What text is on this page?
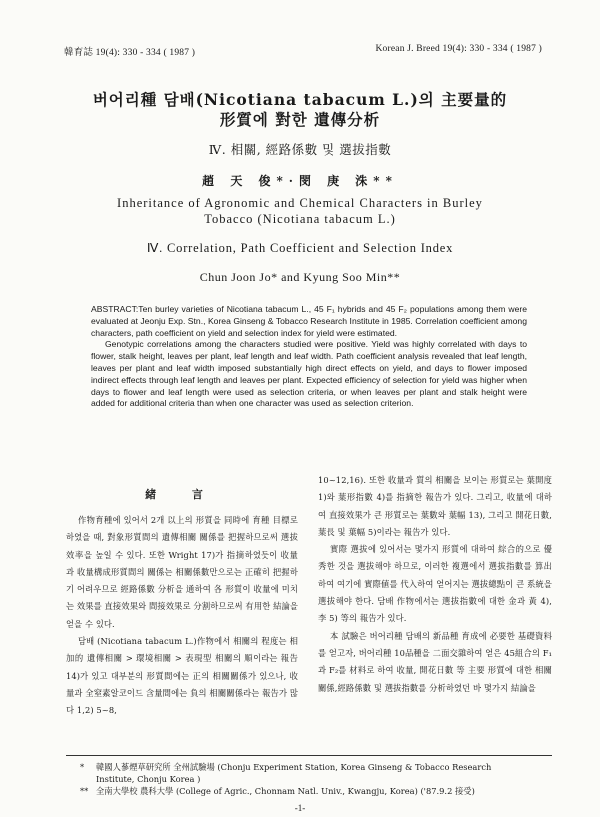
韓育誌 19(4): 330 - 334 ( 1987 )	Korean J. Breed 19(4): 330 - 334 ( 1987 )
버어리種 담배(Nicotiana tabacum L.)의 主要量的
形質에 對한 遺傳分析
Ⅳ. 相關, 經路係數 및 選拔指數
趙 天 俊*·閔 庚 洙**
Inheritance of Agronomic and Chemical Characters in Burley
Tobacco (Nicotiana tabacum L.)
Ⅳ. Correlation, Path Coefficient and Selection Index
Chun Joon Jo* and Kyung Soo Min**

ABSTRACT:Ten burley varieties of Nicotiana tabacum L., 45 F₁ hybrids and 45 F₂ populations among them were evaluated at Jeonju Exp. Stn., Korea Ginseng & Tobacco Research Institute in 1985. Correlation coefficient among characters, path coefficient on yield and selection index for yield were estimated.

Genotypic correlations among the characters studied were positive. Yield was highly correlated with days to flower, stalk height, leaves per plant, leaf length and leaf width. Path coefficient analysis revealed that leaf length, leaves per plant and leaf width imposed substantially high direct effects on yield, and days to flower imposed indirect effects through leaf length and leaves per plant. Expected efficiency of selection for yield was higher when days to flower and leaf length were used as selection criteria, or when leaves per plant and stalk height were added for additional criteria than when one character was used as selection criterion.

緒 言

作物育種에 있어서 2개 以上의 形質을 同時에 育種 目標로 하였을 때, 對象形質間의 遺傳相關 關係를 把握하므로써 選拔效率을 높일 수 있다. 또한 Wright 17)가 指摘하였듯이 收量과 收量構成形質間의 關係는 相關係數만으로는 正確히 把握하기 어려우므로 經路係數 分析을 通하여 各 形質이 收量에 미치는 效果를 直接效果와 間接效果로 分割하므로써 有用한 結論을 얻을 수 있다.

담배 (Nicotiana tabacum L.)作物에서 相關의 程度는 相加的 遺傳相關 > 環境相關 > 表現型 相關의 順이라는 報告 14)가 있고 대부분의 形質間에는 正의 相關關係가 있으나, 收量과 全窒素알코이드 含量間에는 負의 相關關係라는 報告가 많다 1,2) 5~8,

10~12,16). 또한 收量과 質의 相關을 보이는 形質로는 葉開度 1)와 葉形指數 4)를 指摘한 報告가 있다. 그리고, 收量에 대하여 直接效果가 큰 形質로는 葉數와 葉幅 13), 그리고 開花日數, 葉長 및 葉幅 5)이라는 報告가 있다.

實際 選拔에 있어서는 몇가지 形質에 대하여 綜合的으로 優秀한 것을 選拔해야 하므로, 이러한 複選에서 選拔指數를 算出하여 여기에 實際値를 代入하여 얻어지는 選拔總點이 큰 系統을 選拔해야 한다. 담배 作物에서는 選拔指數에 대한 金과 黃 4), 李 5) 等의 報告가 있다.

本 試驗은 버어리種 담배의 新品種 育成에 必要한 基礎資料를 얻고자, 버어리種 10品種을 二面交雜하여 얻은 45組合의 F₁과 F₂를 材料로 하여 收量, 開花日數 等 主要 形質에 대한 相關關係,經路係數 및 選拔指數를 分析하였던 바 몇가지 結論을

* 韓國人蔘煙草研究所 全州試驗場 (Chonju Experiment Station, Korea Ginseng & Tobacco Research
Institute, Chonju Korea )
** 全南大學校 農科大學 (College of Agric., Chonnam Natl. Univ., Kwangju, Korea) ('87.9.2 接受)
-1-
